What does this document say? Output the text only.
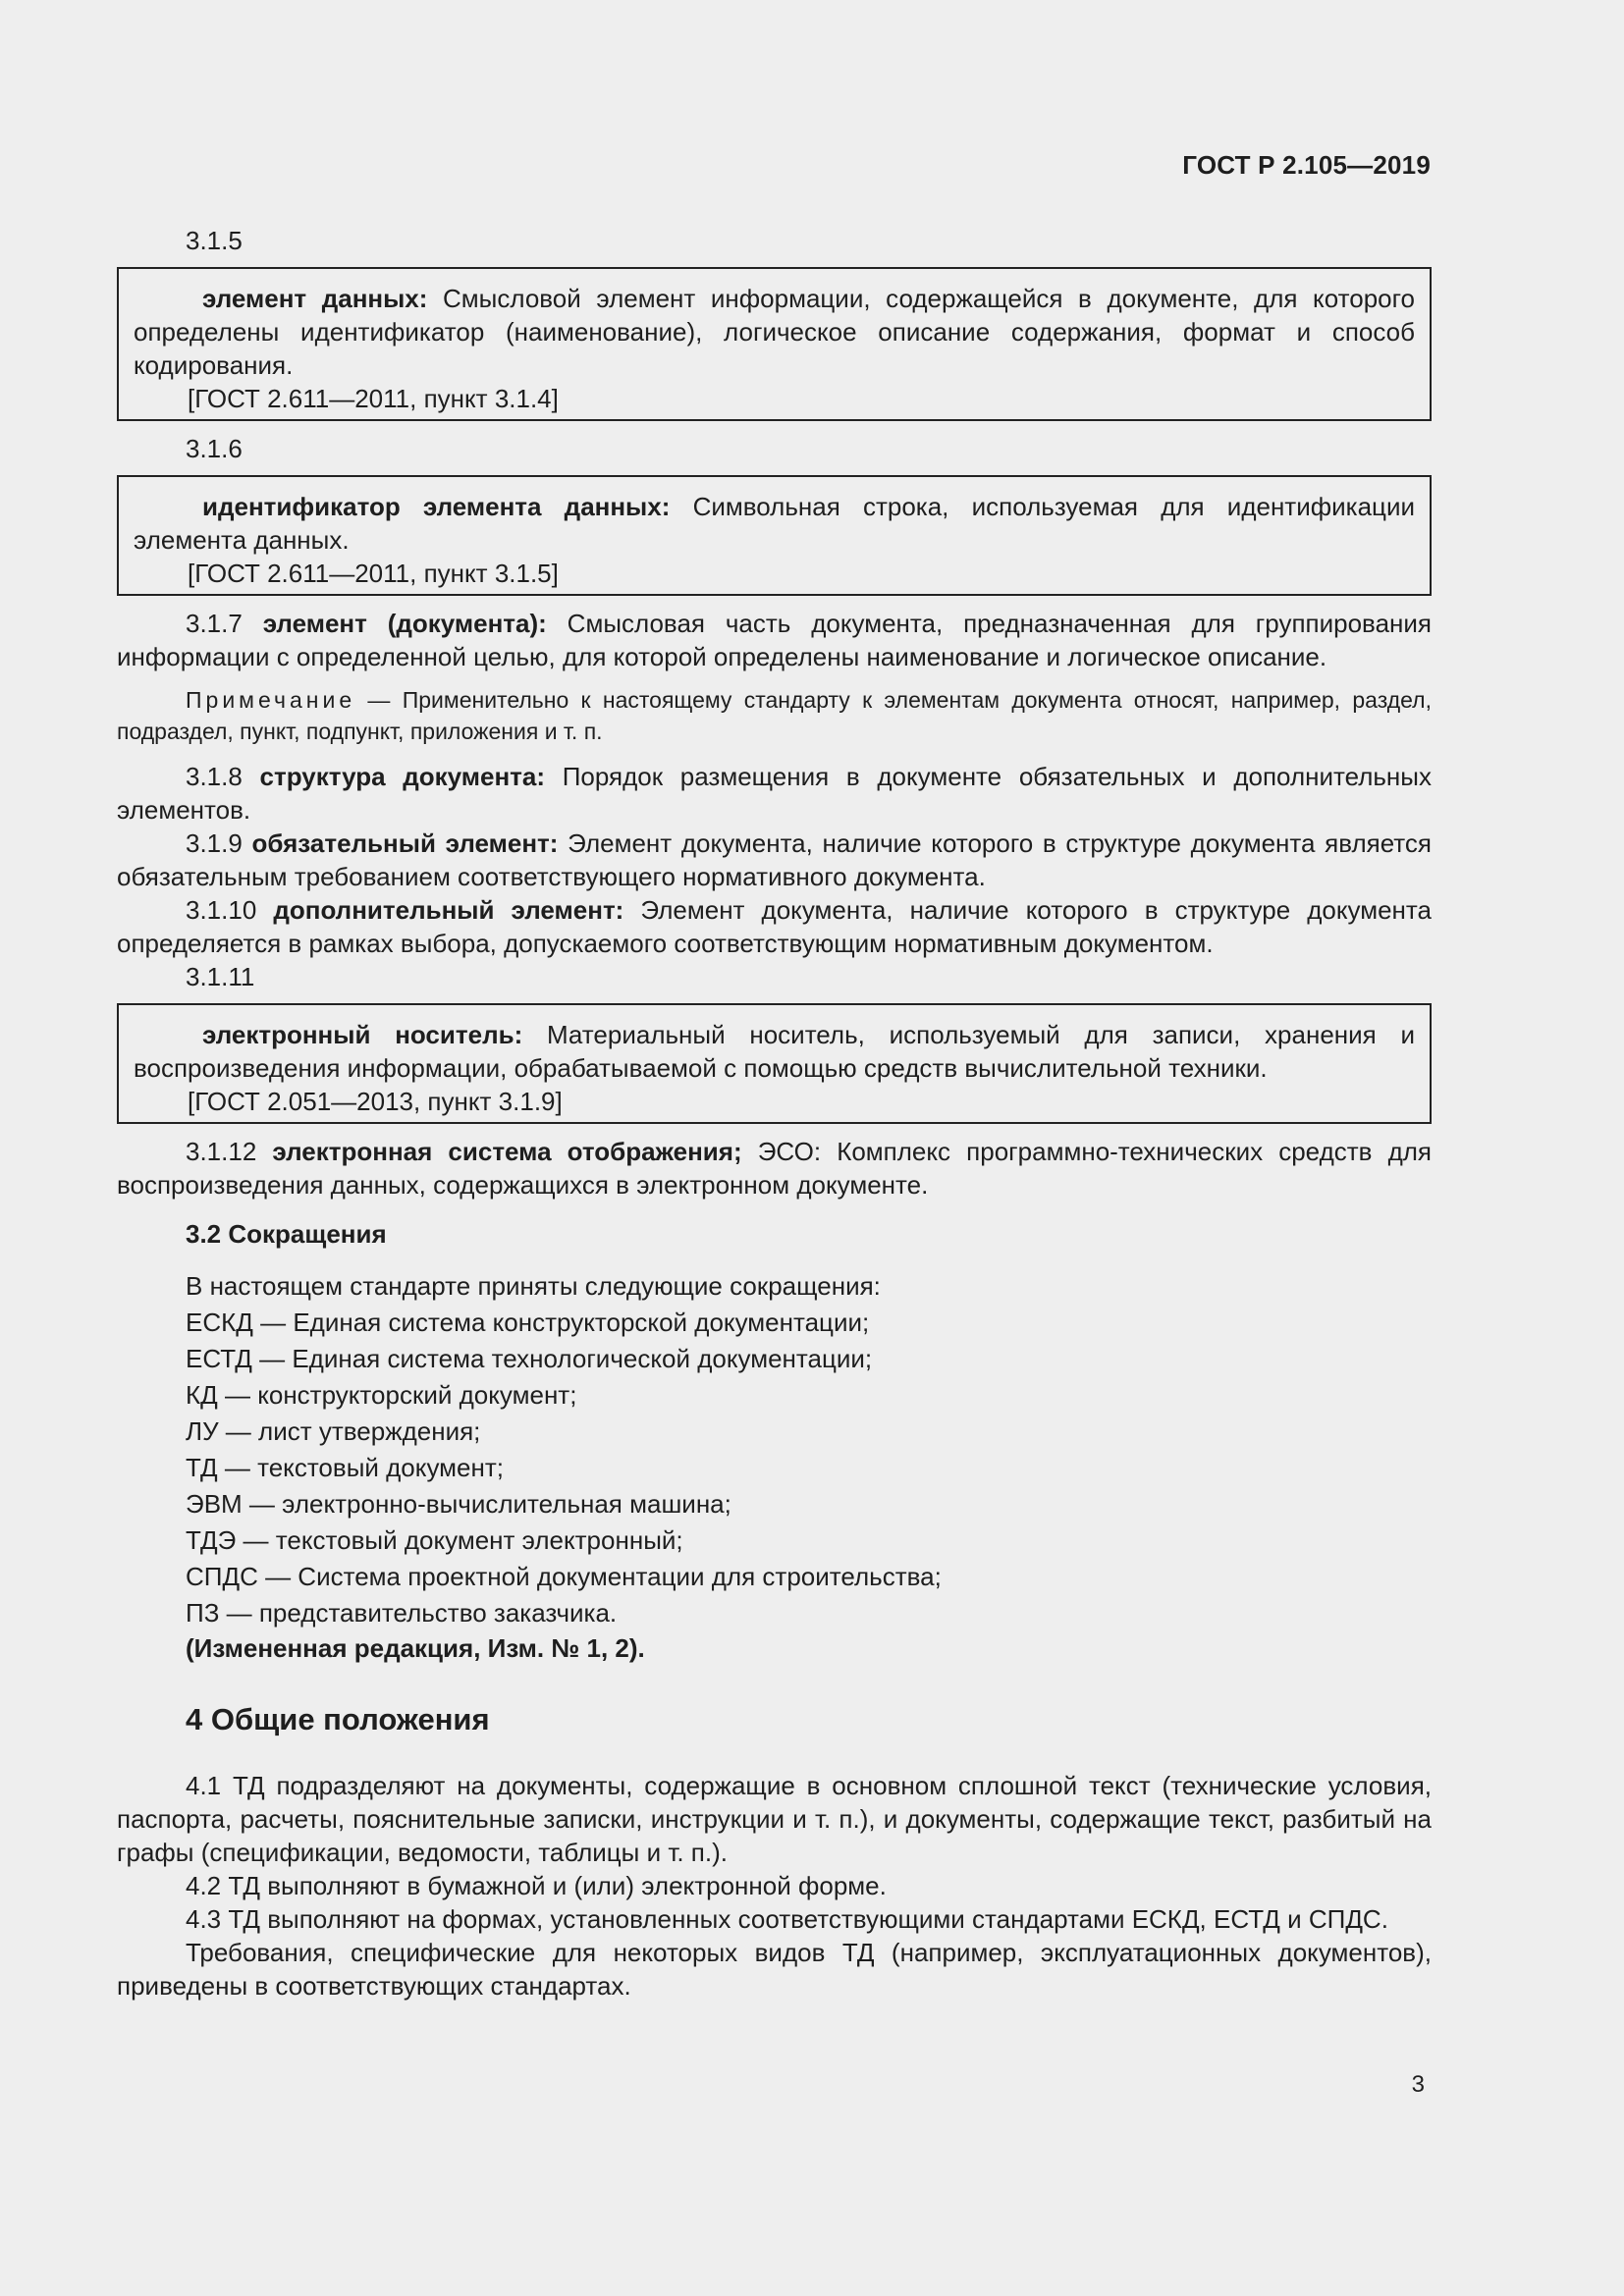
ГОСТ Р 2.105—2019

3.1.5

элемент данных: Смысловой элемент информации, содержащейся в документе, для которого определены идентификатор (наименование), логическое описание содержания, формат и способ кодирования.

[ГОСТ 2.611—2011, пункт 3.1.4]

3.1.6

идентификатор элемента данных: Символьная строка, используемая для идентификации элемента данных.

[ГОСТ 2.611—2011, пункт 3.1.5]

3.1.7 элемент (документа): Смысловая часть документа, предназначенная для группирования информации с определенной целью, для которой определены наименование и логическое описание.

Примечание — Применительно к настоящему стандарту к элементам документа относят, например, раздел, подраздел, пункт, подпункт, приложения и т. п.

3.1.8 структура документа: Порядок размещения в документе обязательных и дополнительных элементов.

3.1.9 обязательный элемент: Элемент документа, наличие которого в структуре документа является обязательным требованием соответствующего нормативного документа.

3.1.10 дополнительный элемент: Элемент документа, наличие которого в структуре документа определяется в рамках выбора, допускаемого соответствующим нормативным документом.

3.1.11

электронный носитель: Материальный носитель, используемый для записи, хранения и воспроизведения информации, обрабатываемой с помощью средств вычислительной техники.

[ГОСТ 2.051—2013, пункт 3.1.9]

3.1.12 электронная система отображения; ЭСО: Комплекс программно-технических средств для воспроизведения данных, содержащихся в электронном документе.

3.2 Сокращения

В настоящем стандарте приняты следующие сокращения:

ЕСКД — Единая система конструкторской документации;

ЕСТД — Единая система технологической документации;

КД — конструкторский документ;

ЛУ — лист утверждения;

ТД — текстовый документ;

ЭВМ — электронно-вычислительная машина;

ТДЭ — текстовый документ электронный;

СПДС — Система проектной документации для строительства;

ПЗ — представительство заказчика.

(Измененная редакция, Изм. № 1, 2).

4 Общие положения

4.1 ТД подразделяют на документы, содержащие в основном сплошной текст (технические условия, паспорта, расчеты, пояснительные записки, инструкции и т. п.), и документы, содержащие текст, разбитый на графы (спецификации, ведомости, таблицы и т. п.).

4.2 ТД выполняют в бумажной и (или) электронной форме.

4.3 ТД выполняют на формах, установленных соответствующими стандартами ЕСКД, ЕСТД и СПДС.

Требования, специфические для некоторых видов ТД (например, эксплуатационных документов), приведены в соответствующих стандартах.

3
